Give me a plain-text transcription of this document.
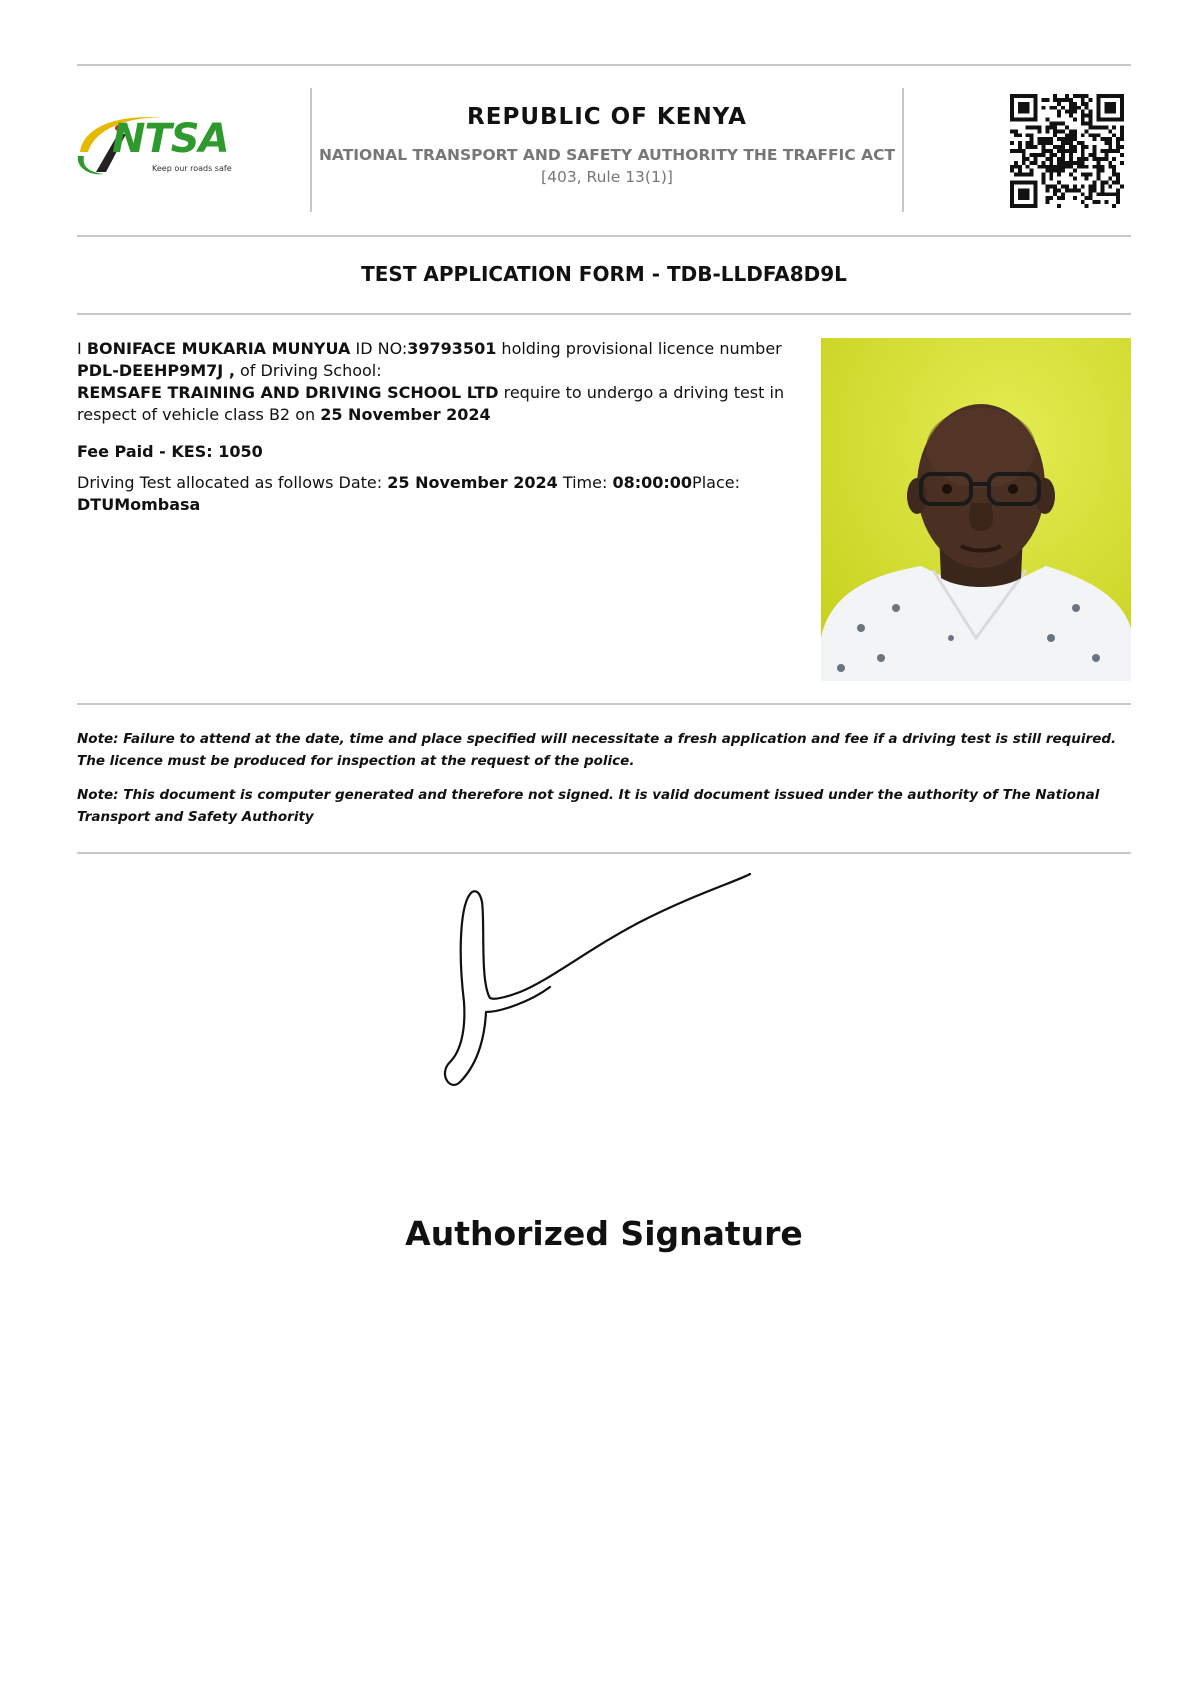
NTSA
Keep our roads safe
REPUBLIC OF KENYA
NATIONAL TRANSPORT AND SAFETY AUTHORITY THE TRAFFIC ACT [403, Rule 13(1)]
TEST APPLICATION FORM - TDB-LLDFA8D9L
I BONIFACE MUKARIA MUNYUA ID NO:39793501 holding provisional licence number PDL-DEEHP9M7J , of Driving School:
REMSAFE TRAINING AND DRIVING SCHOOL LTD require to undergo a driving test in respect of vehicle class B2 on 25 November 2024
Fee Paid - KES: 1050
Driving Test allocated as follows Date: 25 November 2024 Time: 08:00:00Place:
DTUMombasa
Note: Failure to attend at the date, time and place specified will necessitate a fresh application and fee if a driving test is still required. The licence must be produced for inspection at the request of the police.
Note: This document is computer generated and therefore not signed. It is valid document issued under the authority of The National Transport and Safety Authority
Authorized Signature
